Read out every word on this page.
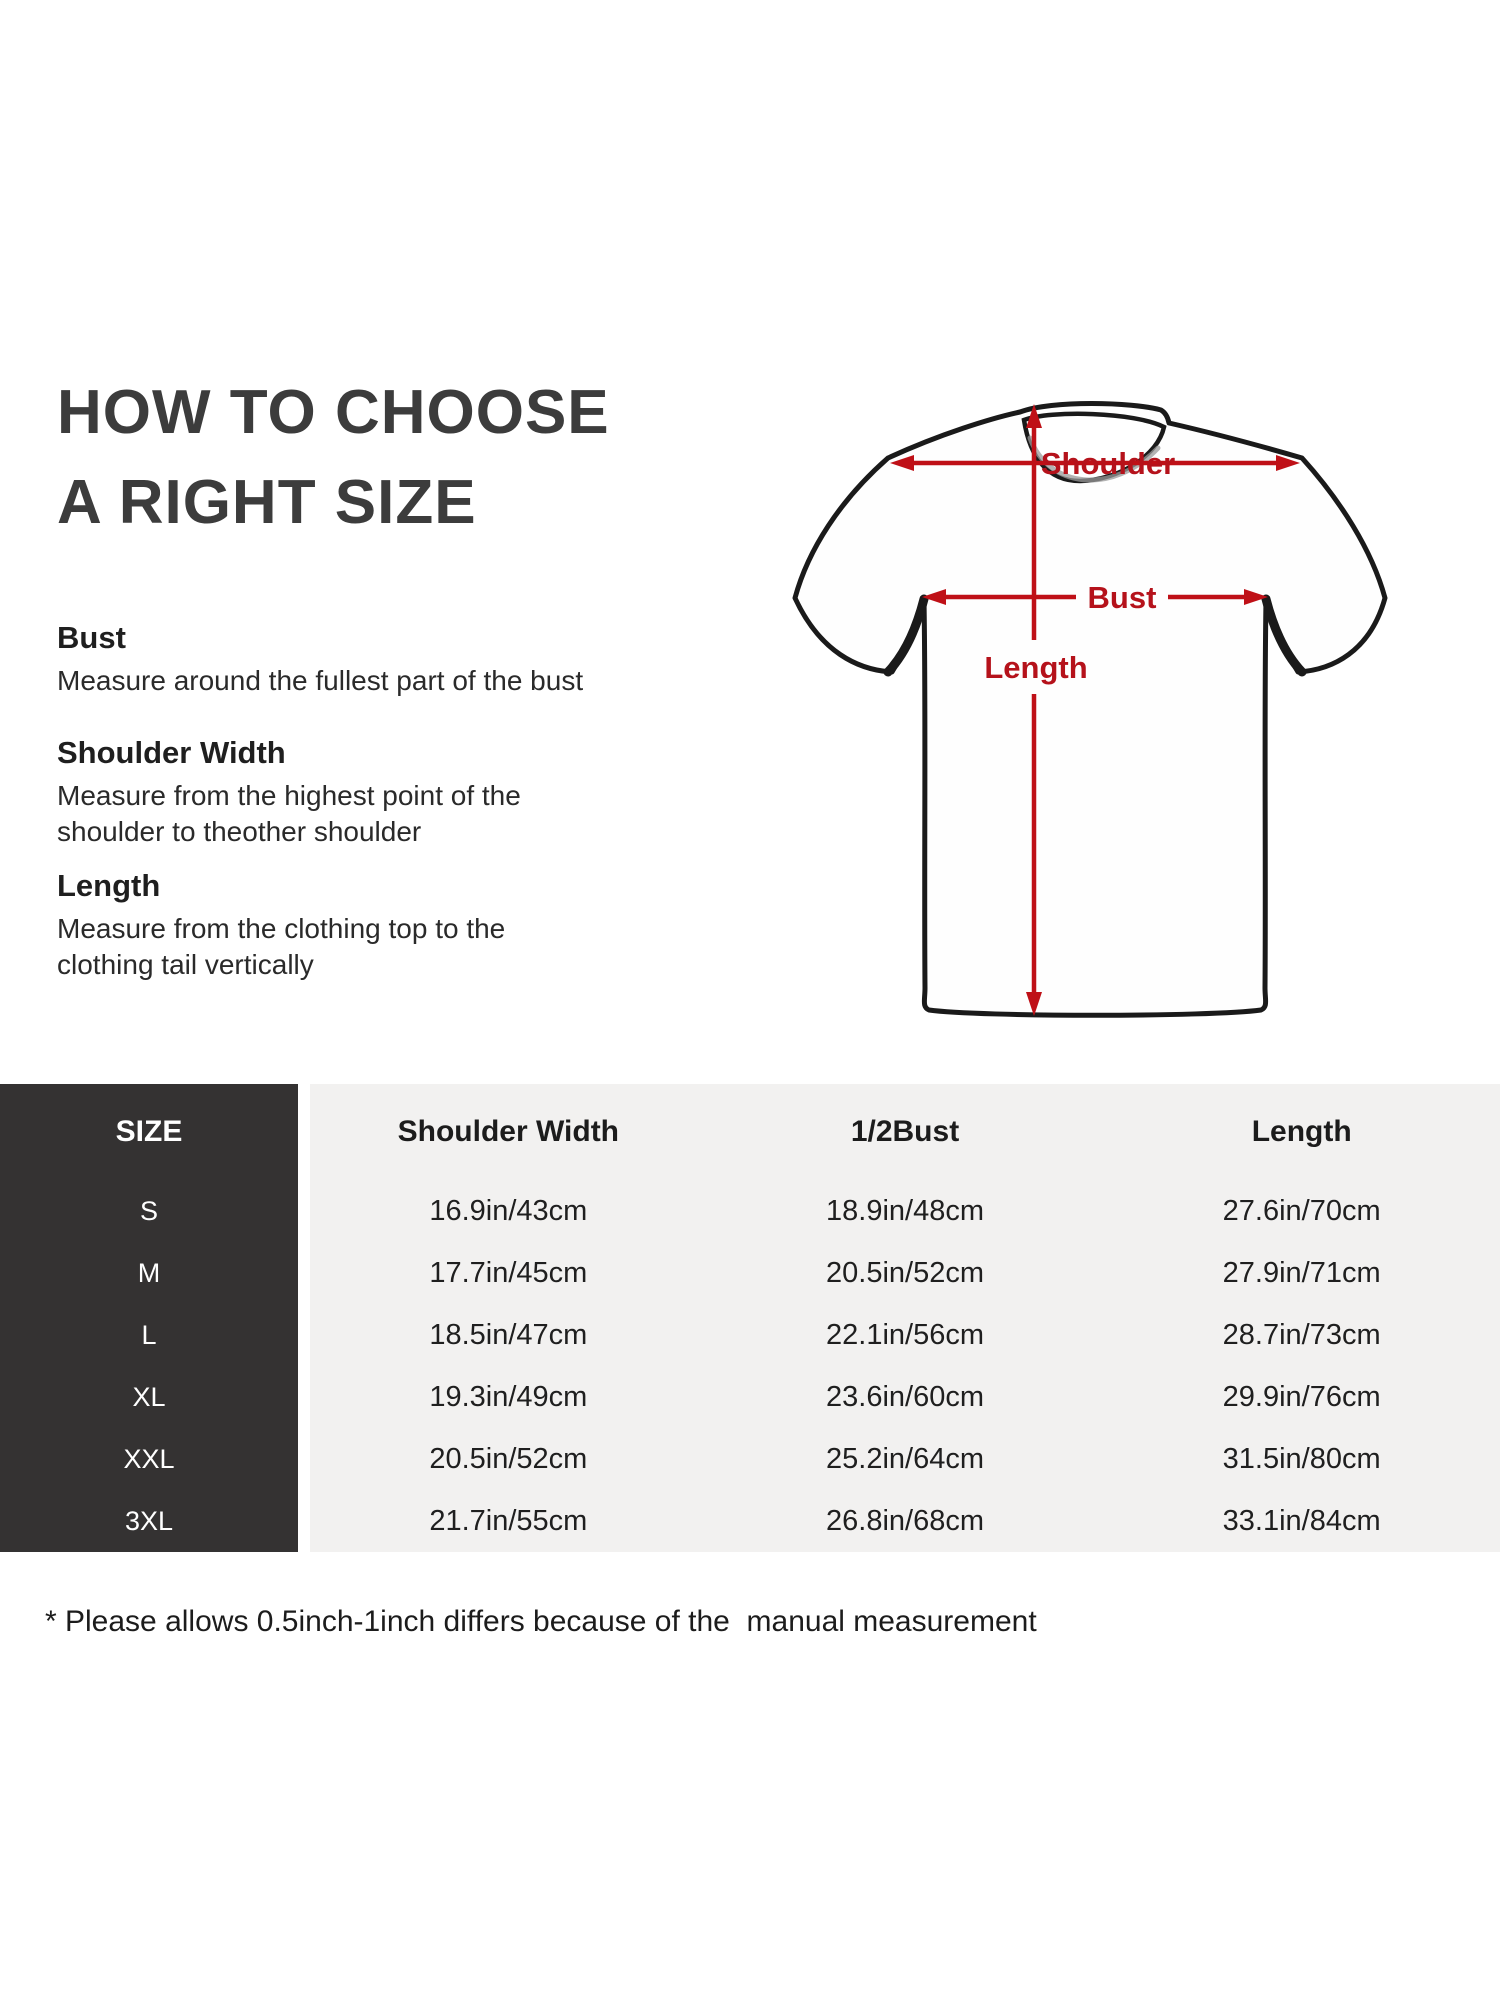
HOW TO CHOOSE
A RIGHT SIZE
Bust
Measure around the fullest part of the bust
Shoulder Width
Measure from the highest point of the shoulder to theother shoulder
Length
Measure from the clothing top to the clothing tail vertically
Shoulder
Bust
Length
SIZE	Shoulder Width	1/2Bust	Length
S	16.9in/43cm	18.9in/48cm	27.6in/70cm
M	17.7in/45cm	20.5in/52cm	27.9in/71cm
L	18.5in/47cm	22.1in/56cm	28.7in/73cm
XL	19.3in/49cm	23.6in/60cm	29.9in/76cm
XXL	20.5in/52cm	25.2in/64cm	31.5in/80cm
3XL	21.7in/55cm	26.8in/68cm	33.1in/84cm
* Please allows 0.5inch-1inch differs because of the  manual measurement
